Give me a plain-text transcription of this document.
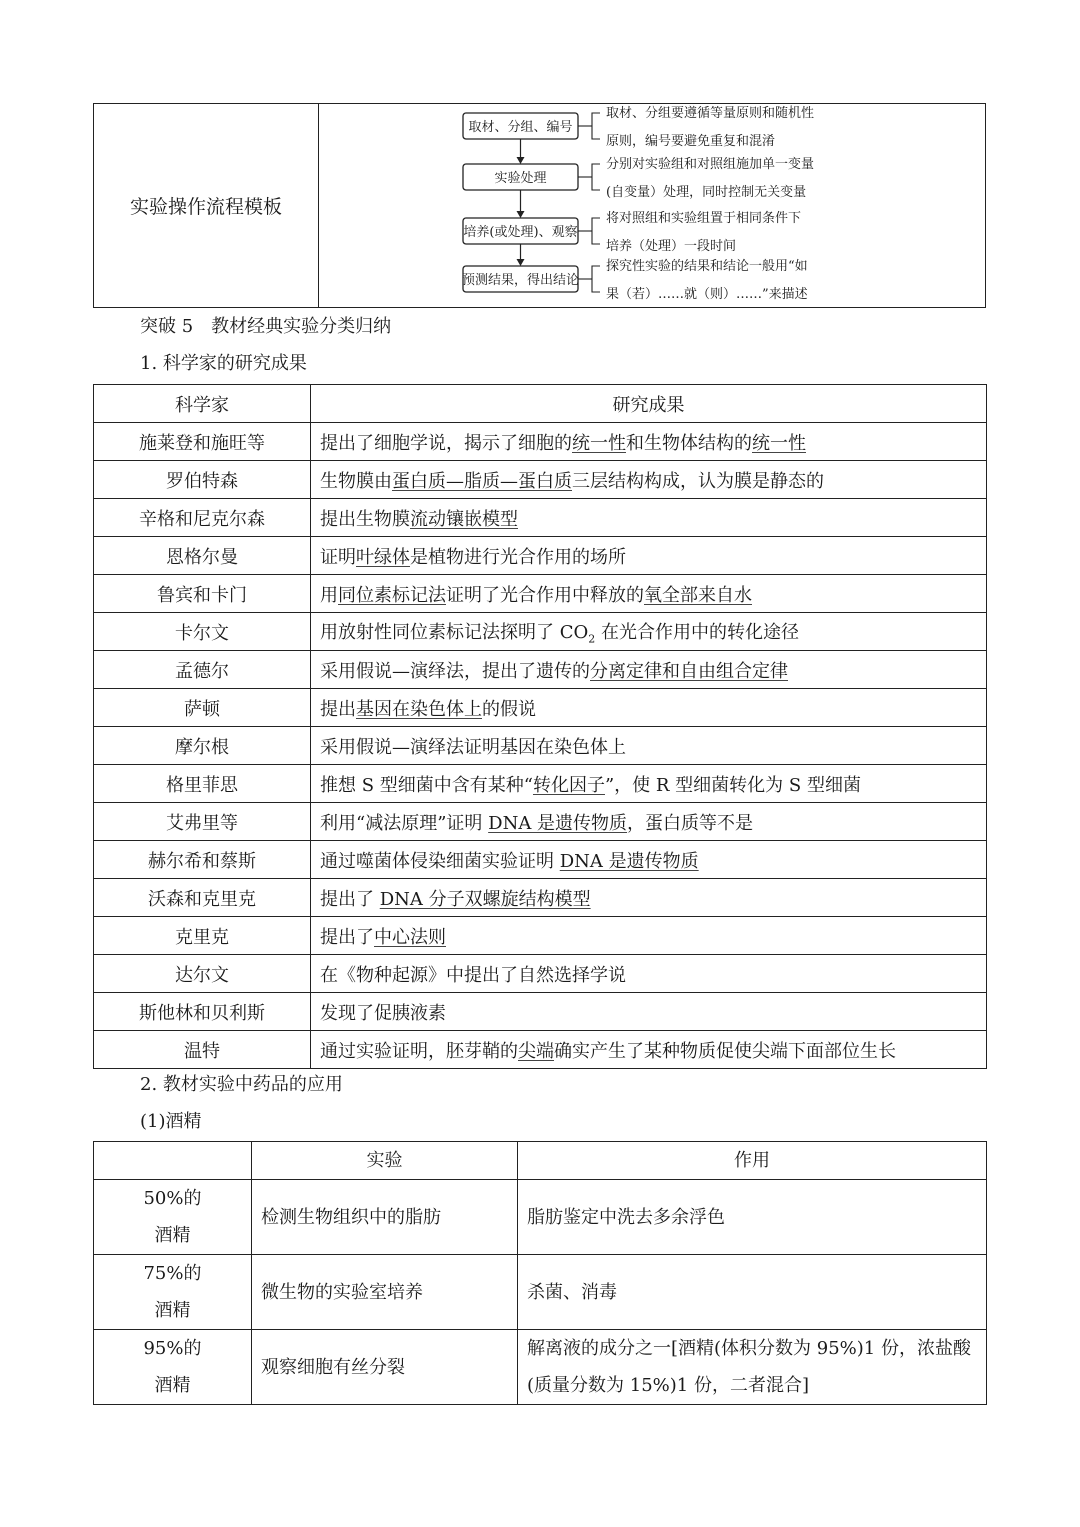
实验操作流程模板
取材、分组、编号
取材、分组要遵循等量原则和随机性
原则，编号要避免重复和混淆
实验处理
分别对实验组和对照组施加单一变量
(自变量）处理，同时控制无关变量
培养(或处理)、观察
将对照组和实验组置于相同条件下
培养（处理）一段时间
预测结果，得出结论
探究性实验的结果和结论一般用“如
果（若）……就（则）……”来描述
突破 5　教材经典实验分类归纳
1. 科学家的研究成果
科学家	研究成果
施莱登和施旺等	提出了细胞学说，揭示了细胞的统一性和生物体结构的统一性
罗伯特森	生物膜由蛋白质—脂质—蛋白质三层结构构成，认为膜是静态的
辛格和尼克尔森	提出生物膜流动镶嵌模型
恩格尔曼	证明叶绿体是植物进行光合作用的场所
鲁宾和卡门	用同位素标记法证明了光合作用中释放的氧全部来自水
卡尔文	用放射性同位素标记法探明了 $CO_2$ 在光合作用中的转化途径
孟德尔	采用假说—演绎法，提出了遗传的分离定律和自由组合定律
萨顿	提出基因在染色体上的假说
摩尔根	采用假说—演绎法证明基因在染色体上
格里菲思	推想 S 型细菌中含有某种“转化因子”，使 R 型细菌转化为 S 型细菌
艾弗里等	利用“减法原理”证明 DNA 是遗传物质，蛋白质等不是
赫尔希和蔡斯	通过噬菌体侵染细菌实验证明 DNA 是遗传物质
沃森和克里克	提出了 DNA 分子双螺旋结构模型
克里克	提出了中心法则
达尔文	在《物种起源》中提出了自然选择学说
斯他林和贝利斯	发现了促胰液素
温特	通过实验证明，胚芽鞘的尖端确实产生了某种物质促使尖端下面部位生长
2. 教材实验中药品的应用
(1)酒精
	实验	作用

50%的
酒精	检测生物组织中的脂肪	脂肪鉴定中洗去多余浮色

75%的
酒精	微生物的实验室培养	杀菌、消毒

95%的
酒精	观察细胞有丝分裂	解离液的成分之一[酒精(体积分数为 95%)1 份，浓盐酸(质量分数为 15%)1 份，二者混合]
